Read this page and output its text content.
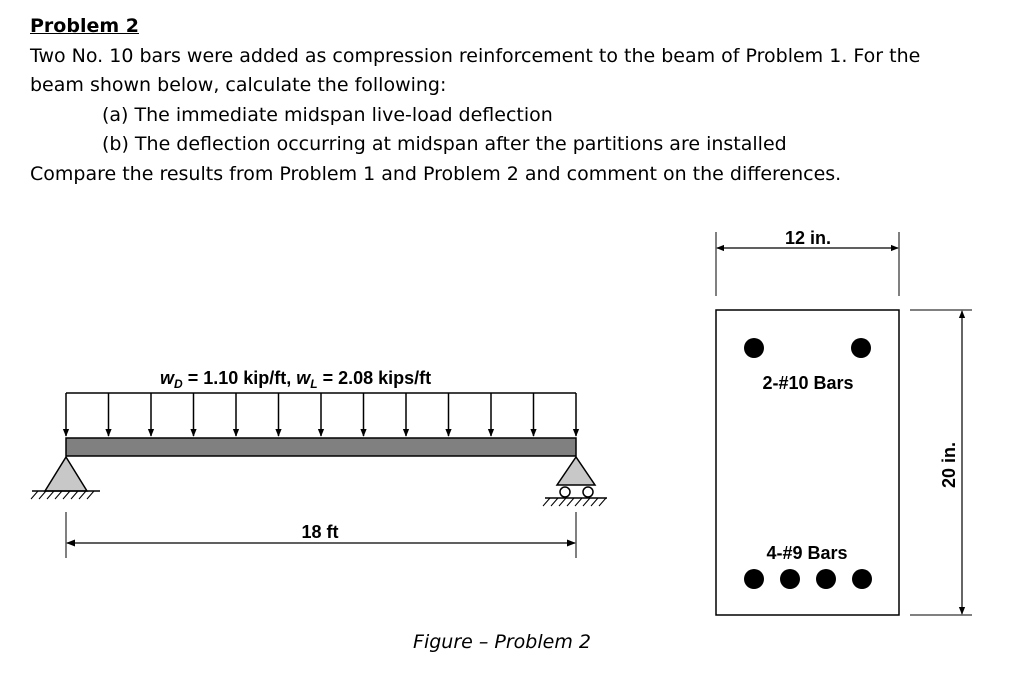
Problem 2
Two No. 10 bars were added as compression reinforcement to the beam of Problem 1. For the
beam shown below, calculate the following:
(a) The immediate midspan live-load deflection
(b) The deflection occurring at midspan after the partitions are installed
Compare the results from Problem 1 and Problem 2 and comment on the differences.
$w_D = 1.10$ kip/ft, $w_L = 2.08$ kips/ft
18 ft
12 in.
20 in.
2-#10 Bars
4-#9 Bars
Figure – Problem 2
